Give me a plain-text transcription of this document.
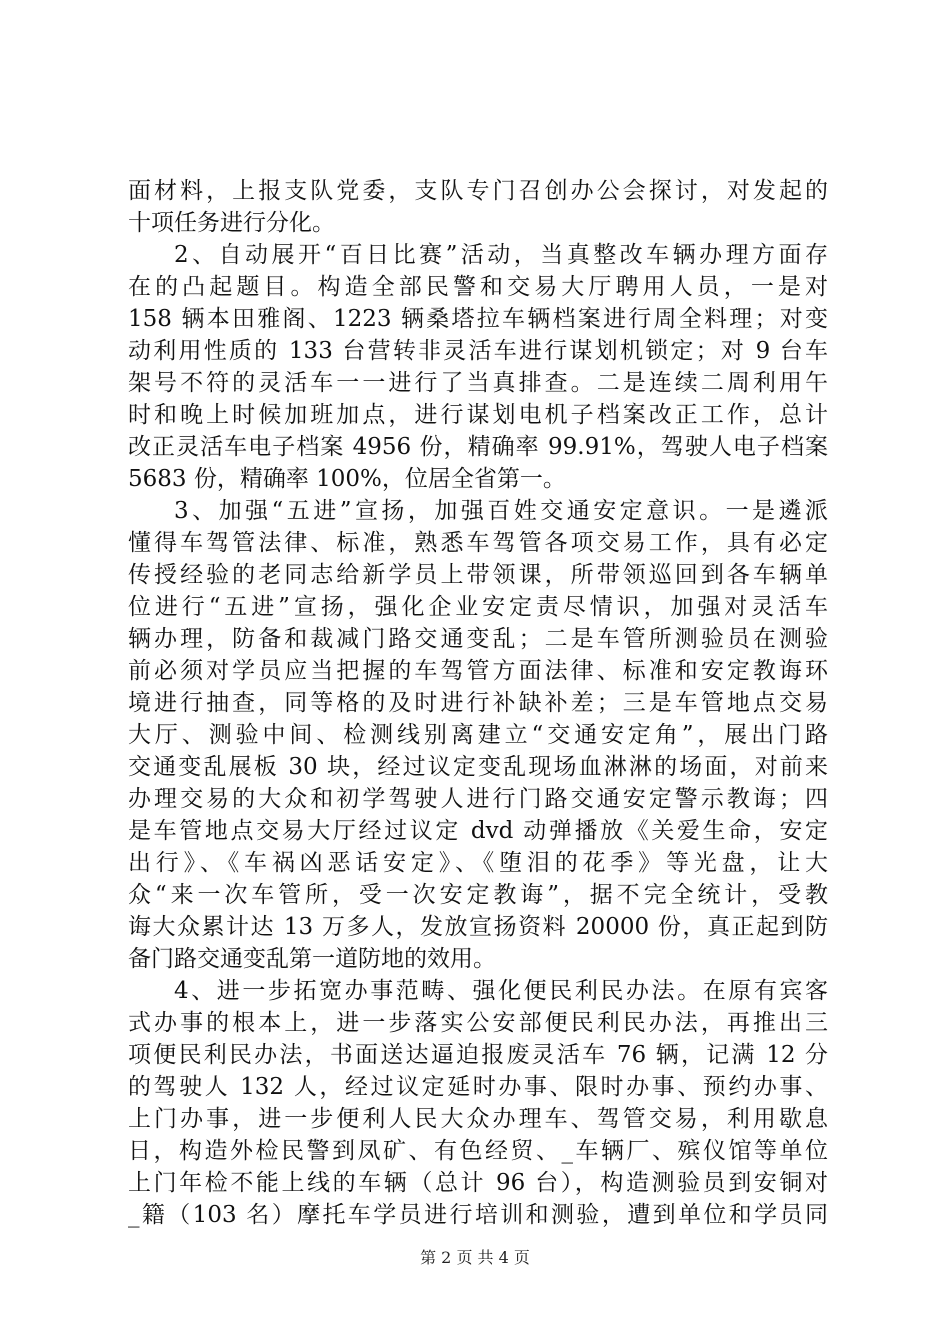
面材料，上报支队党委，支队专门召创办公会探讨，对发起的
十项任务进行分化。
2、自动展开“百日比赛”活动，当真整改车辆办理方面存
在的凸起题目。构造全部民警和交易大厅聘用人员，一是对
158 辆本田雅阁、1223 辆桑塔拉车辆档案进行周全料理；对变
动利用性质的 133 台营转非灵活车进行谋划机锁定；对 9 台车
架号不符的灵活车一一进行了当真排查。二是连续二周利用午
时和晚上时候加班加点，进行谋划电机子档案改正工作，总计
改正灵活车电子档案 4956 份，精确率 99.91%，驾驶人电子档案
5683 份，精确率 100%，位居全省第一。
3、加强“五进”宣扬，加强百姓交通安定意识。一是遴派
懂得车驾管法律、标准，熟悉车驾管各项交易工作，具有必定
传授经验的老同志给新学员上带领课，所带领巡回到各车辆单
位进行“五进”宣扬，强化企业安定责尽情识，加强对灵活车
辆办理，防备和裁减门路交通变乱；二是车管所测验员在测验
前必须对学员应当把握的车驾管方面法律、标准和安定教诲环
境进行抽查，同等格的及时进行补缺补差；三是车管地点交易
大厅、测验中间、检测线别离建立“交通安定角”，展出门路
交通变乱展板 30 块，经过议定变乱现场血淋淋的场面，对前来
办理交易的大众和初学驾驶人进行门路交通安定警示教诲；四
是车管地点交易大厅经过议定 dvd 动弹播放《关爱生命，安定
出行》、《车祸凶恶话安定》、《堕泪的花季》等光盘，让大
众“来一次车管所，受一次安定教诲”，据不完全统计，受教
诲大众累计达 13 万多人，发放宣扬资料 20000 份，真正起到防
备门路交通变乱第一道防地的效用。
4、进一步拓宽办事范畴、强化便民利民办法。在原有宾客
式办事的根本上，进一步落实公安部便民利民办法，再推出三
项便民利民办法，书面送达逼迫报废灵活车 76 辆，记满 12 分
的驾驶人 132 人，经过议定延时办事、限时办事、预约办事、
上门办事，进一步便利人民大众办理车、驾管交易，利用歇息
日，构造外检民警到凤矿、有色经贸、_车辆厂、殡仪馆等单位
上门年检不能上线的车辆（总计 96 台），构造测验员到安铜对
_籍（103 名）摩托车学员进行培训和测验，遭到单位和学员同
第 2 页 共 4 页
